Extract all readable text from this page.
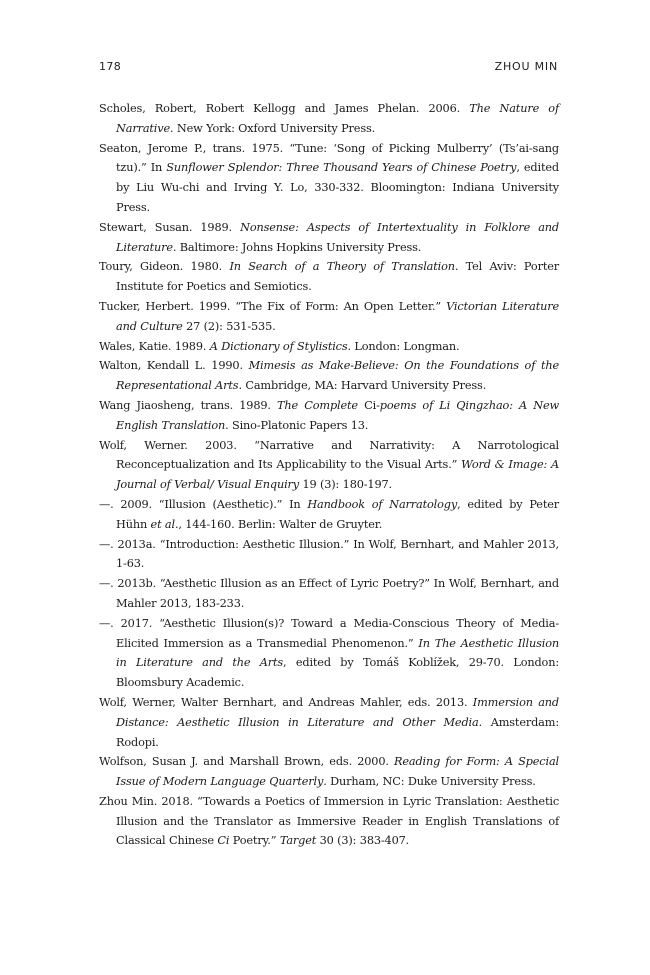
178	ZHOU MIN
Scholes, Robert, Robert Kellogg and James Phelan. 2006. The Nature of Narrative. New York: Oxford University Press.
Seaton, Jerome P., trans. 1975. “Tune: ‘Song of Picking Mulberry’ (Ts’ai-sang tzu).” In Sunflower Splendor: Three Thousand Years of Chinese Poetry, edited by Liu Wu-chi and Irving Y. Lo, 330-332. Bloomington: Indiana University Press.
Stewart, Susan. 1989. Nonsense: Aspects of Intertextuality in Folklore and Literature. Baltimore: Johns Hopkins University Press.
Toury, Gideon. 1980. In Search of a Theory of Translation. Tel Aviv: Porter Institute for Poetics and Semiotics.
Tucker, Herbert. 1999. “The Fix of Form: An Open Letter.” Victorian Literature and Culture 27 (2): 531-535.
Wales, Katie. 1989. A Dictionary of Stylistics. London: Longman.
Walton, Kendall L. 1990. Mimesis as Make-Believe: On the Foundations of the Representational Arts. Cambridge, MA: Harvard University Press.
Wang Jiaosheng, trans. 1989. The Complete Ci-poems of Li Qingzhao: A New English Translation. Sino-Platonic Papers 13.
Wolf, Werner. 2003. “Narrative and Narrativity: A Narrotological Reconceptualization and Its Applicability to the Visual Arts.” Word & Image: A Journal of Verbal/ Visual Enquiry 19 (3): 180-197.
—. 2009. “Illusion (Aesthetic).” In Handbook of Narratology, edited by Peter Hühn et al., 144-160. Berlin: Walter de Gruyter.
—. 2013a. “Introduction: Aesthetic Illusion.” In Wolf, Bernhart, and Mahler 2013, 1-63.
—. 2013b. “Aesthetic Illusion as an Effect of Lyric Poetry?” In Wolf, Bernhart, and Mahler 2013, 183-233.
—. 2017. “Aesthetic Illusion(s)? Toward a Media-Conscious Theory of Media-Elicited Immersion as a Transmedial Phenomenon.” In The Aesthetic Illusion in Literature and the Arts, edited by Tomáš Koblížek, 29-70. London: Bloomsbury Academic.
Wolf, Werner, Walter Bernhart, and Andreas Mahler, eds. 2013. Immersion and Distance: Aesthetic Illusion in Literature and Other Media. Amsterdam: Rodopi.
Wolfson, Susan J. and Marshall Brown, eds. 2000. Reading for Form: A Special Issue of Modern Language Quarterly. Durham, NC: Duke University Press.
Zhou Min. 2018. “Towards a Poetics of Immersion in Lyric Translation: Aesthetic Illusion and the Translator as Immersive Reader in English Translations of Classical Chinese Ci Poetry.” Target 30 (3): 383-407.
